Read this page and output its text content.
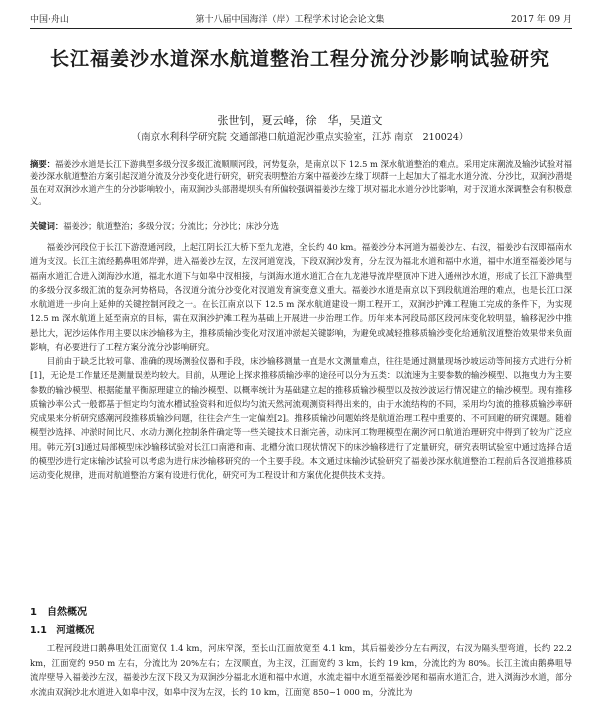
中国·舟山	第十八届中国海洋（岸）工程学术讨论会论文集	2017 年 09 月
长江福姜沙水道深水航道整治工程分流分沙影响试验研究
张世钊，夏云峰，徐　华，吴道文
（南京水利科学研究院 交通部港口航道泥沙重点实验室，江苏 南京　210024）
摘要：福姜沙水道是长江下游典型多级分汊多级汇流顺顺河段，河势复杂，是南京以下 12.5 m 深水航道整治的难点。采用定床潮流及输沙试验对福姜沙深水航道整治方案引起汊道分流及分沙变化进行研究，研究表明整治方案中福姜沙左缘丁坝群一上起加大了福北水道分流、分沙比，双涧沙潜堤虽在对双涧沙水道产生的分沙影响较小，南双涧沙头部潜堤坝头有所偏较强调福姜沙左缘丁坝对福北水道分沙比影响，对于汊道水深调整会有积极意义。
关键词：福姜沙；航道整治；多级分汊；分流比；分沙比；床沙分选

福姜沙河段位于长江下游澄通河段，上起江阴长江大桥下至九龙港，全长约 40 km。福姜沙分本河道为福姜沙左、右汊，福姜沙右汊即福南水道为支汊。长江主流经鹅鼻咀郊岸弹，进入福姜沙左汊，左汊河道宽浅，下段双涧沙发育，分左汊为福北水道和福中水道，福中水道至福姜沙尾与福南水道汇合进入浏海沙水道，福北水道下与如皋中汊相接，与浏海水道水道汇合在九龙港导流岸壁顶冲下进入通州沙水道，形成了长江下游典型的多级分汊多级汇流的复杂河势格局，各汊道分流分沙变化对汊道发育演变意义重大。福姜沙水道是南京以下到段航道治理的难点，也是长江口深水航道进一步向上延伸的关键控制河段之一。在长江南京以下 12.5 m 深水航道建设一期工程开工，双涧沙护滩工程施工完成的条件下，为实现 12.5 m 深水航道上延至南京的目标，需在双涧沙护滩工程为基础上开展进一步治理工作。历年来本河段局部区段河床变化较明显，输移泥沙中推悬比大，泥沙运体作用主要以床沙输移为主，推移质输沙变化对汊道冲淤起关键影响，为避免或减轻推移质输沙变化给通航汊道整治效果带来负面影响，有必要进行了工程方案分流分沙影响研究。

目前由于缺乏比较可靠、准确的现场测验仪器和手段，床沙输移测量一直是水文测量难点，往往是通过测量现场沙坡运动等间接方式进行分析[1]，无论是工作量还是测量误差均较大。目前，从理论上探求推移质输沙率的途径可以分为五类：以流速为主要参数的输沙模型、以拖曳力为主要参数的输沙模型、根据能量平衡原理建立的输沙模型、以概率统计为基础建立起的推移质输沙模型以及按沙波运行情况建立的输沙模型。现有推移质输沙率公式一般都基于恒定均匀流水槽试验资料和近似均匀流天然河流观测资料得出来的，由于水流结构的不同，采用均匀流的推移质输沙率研究成果来分析研究感潮河段推移质输沙问题，往往会产生一定偏差[2]。推移质输沙问题始终是航道治理工程中重要的、不可回避的研究课题。随着模型沙选择、冲淤时间比尺、水动力测化控制条件确定等一些关键技术日渐完善，动床河工物理模型在潮汐河口航道治理研究中得到了较为广泛应用。韩元芳[3]通过局部模型床沙输移试验对长江口南港和南、北槽分流口现状情况下的床沙输移进行了定量研究，研究表明试验室中通过选择合适的模型沙进行定床输沙试验可以考虑为进行床沙输移研究的一个主要手段。本文通过床输沙试验研究了福姜沙深水航道整治工程前后各汊道推移质运动变化规律，进而对航道整治方案有设进行优化，研究可为工程设计和方案优化提供技术支持。

1　自然概况
1.1　河道概况

工程河段进口鹅鼻咀处江面宽仅 1.4 km，河床窄深，至长山江面放宽至 4.1 km，其后福姜沙分左右两汊，右汊为隔头型弯道，长约 22.2 km，江面宽约 950 m 左右，分流比为 20%左右；左汊顺直，为主汊，江面宽约 3 km，长约 19 km，分流比约为 80%。长江主流由鹅鼻咀导流岸壁导入福姜沙左汊，福姜沙左汊下段又为双涧沙分福北水道和福中水道，水流走福中水道至福姜沙尾和福南水道汇合，进入浏海沙水道，部分水流由双涧沙北水道进入如皋中汊，如皋中汊为左汊，长约 10 km，江面宽 850~1 000 m，分流比为
